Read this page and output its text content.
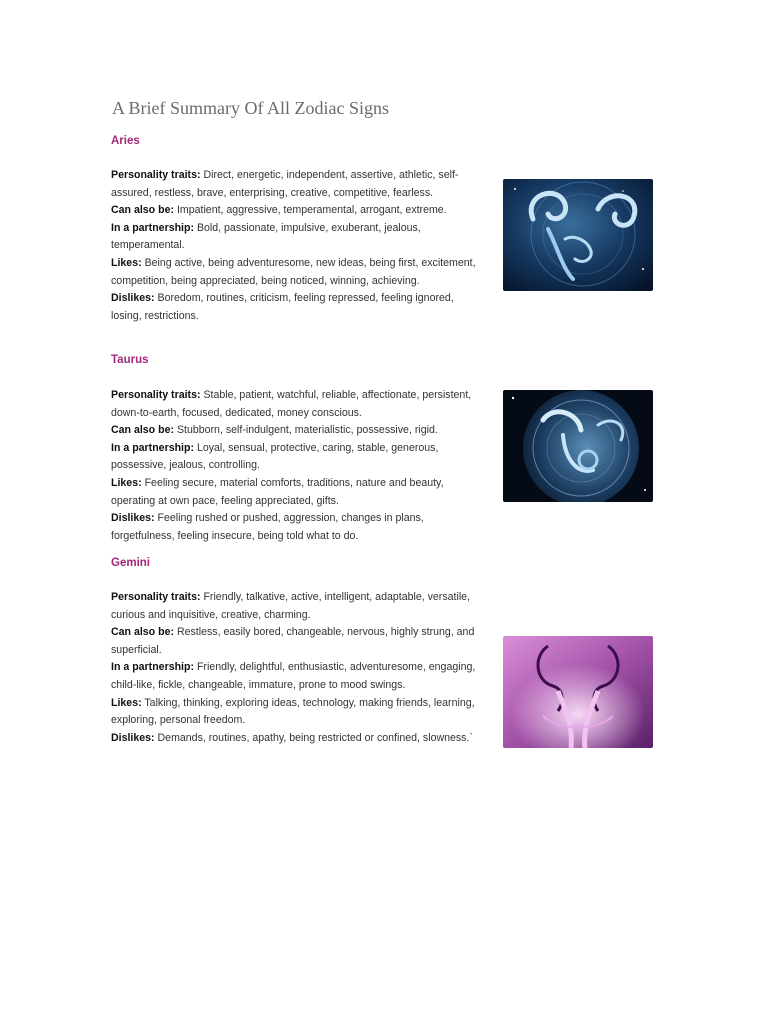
A Brief Summary Of All Zodiac Signs
Aries

Personality traits: Direct, energetic, independent, assertive, athletic, self-assured, restless, brave, enterprising, creative, competitive, fearless.

Can also be: Impatient, aggressive, temperamental, arrogant, extreme.

In a partnership: Bold, passionate, impulsive, exuberant, jealous, temperamental.

Likes: Being active, being adventuresome, new ideas, being first, excitement, competition, being appreciated, being noticed, winning, achieving.

Dislikes: Boredom, routines, criticism, feeling repressed, feeling ignored, losing, restrictions.

Taurus

Personality traits: Stable, patient, watchful, reliable, affectionate, persistent, down-to-earth, focused, dedicated, money conscious.

Can also be: Stubborn, self-indulgent, materialistic, possessive, rigid.

In a partnership: Loyal, sensual, protective, caring, stable, generous, possessive, jealous, controlling.

Likes: Feeling secure, material comforts, traditions, nature and beauty, operating at own pace, feeling appreciated, gifts.

Dislikes: Feeling rushed or pushed, aggression, changes in plans, forgetfulness, feeling insecure, being told what to do.

Gemini

Personality traits: Friendly, talkative, active, intelligent, adaptable, versatile, curious and inquisitive, creative, charming.

Can also be: Restless, easily bored, changeable, nervous, highly strung, and superficial.

In a partnership: Friendly, delightful, enthusiastic, adventuresome, engaging, child-like, fickle, changeable, immature, prone to mood swings.

Likes: Talking, thinking, exploring ideas, technology, making friends, learning, exploring, personal freedom.

Dislikes: Demands, routines, apathy, being restricted or confined, slowness.`
